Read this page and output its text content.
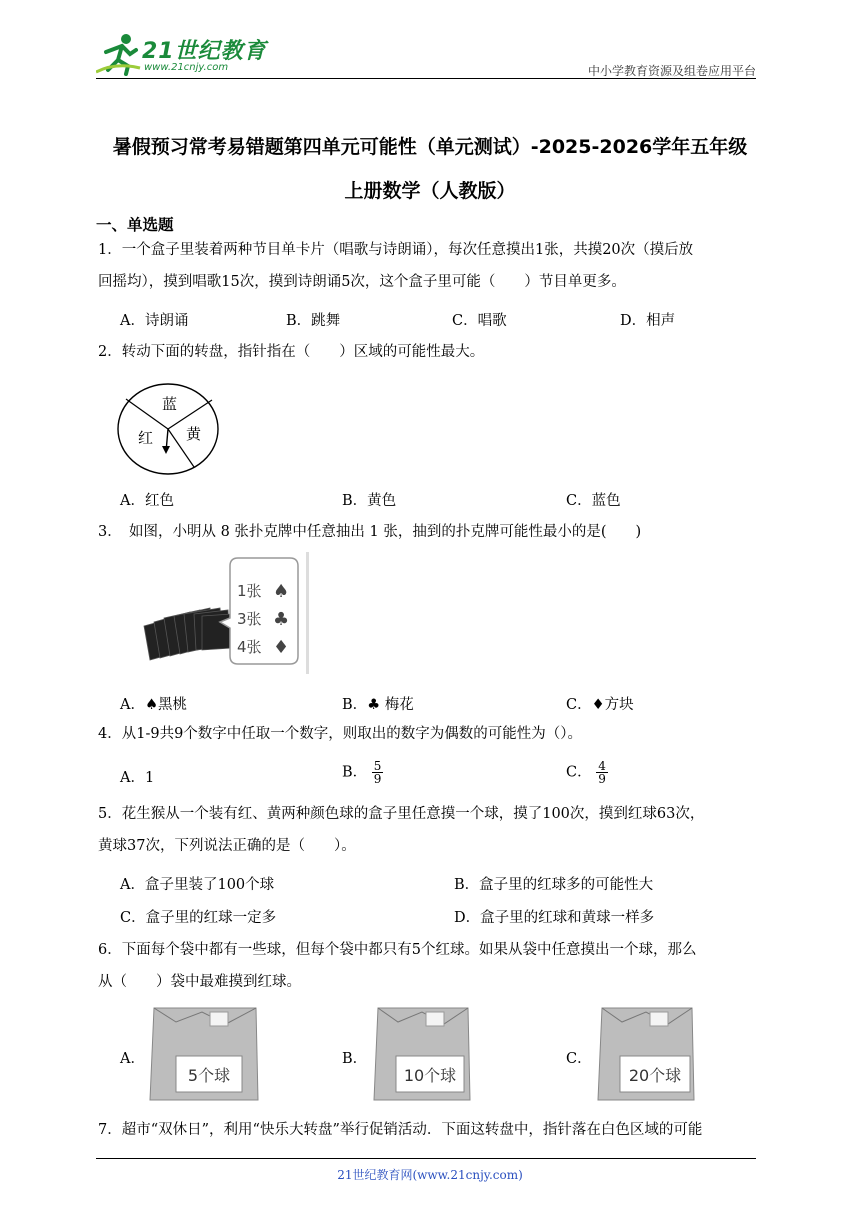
21世纪教育
www.21cnjy.com	中小学教育资源及组卷应用平台
暑假预习常考易错题第四单元可能性（单元测试）-2025-2026学年五年级
上册数学（人教版）
一、单选题
1．一个盒子里装着两种节目单卡片（唱歌与诗朗诵），每次任意摸出1张，共摸20次（摸后放
回摇均），摸到唱歌15次，摸到诗朗诵5次，这个盒子里可能（　　）节目单更多。
A．诗朗诵	B．跳舞	C．唱歌	D．相声
2．转动下面的转盘，指针指在（　　）区域的可能性最大。
蓝
红 黄
A．红色	B．黄色	C．蓝色
3．　如图，小明从 8 张扑克牌中任意抽出 1 张，抽到的扑克牌可能性最小的是(　　)
1张
3张
4张
♠
♣
♦
A．♠黑桃	B．♣ 梅花	C．♦方块
4．从1-9共9个数字中任取一个数字，则取出的数字为偶数的可能性为（）。
A．1	B． $\frac{5}{9}$	C． $\frac{4}{9}$
5．花生猴从一个装有红、黄两种颜色球的盒子里任意摸一个球，摸了100次，摸到红球63次，
黄球37次，下列说法正确的是（　　）。
A．盒子里装了100个球	B．盒子里的红球多的可能性大
C．盒子里的红球一定多	D．盒子里的红球和黄球一样多
6．下面每个袋中都有一些球，但每个袋中都只有5个红球。如果从袋中任意摸出一个球，那么
从（　　）袋中最难摸到红球。
A．	B．	C．
5个球	10个球	20个球
7．超市“双休日”，利用“快乐大转盘”举行促销活动．下面这转盘中，指针落在白色区域的可能
21世纪教育网(www.21cnjy.com)
